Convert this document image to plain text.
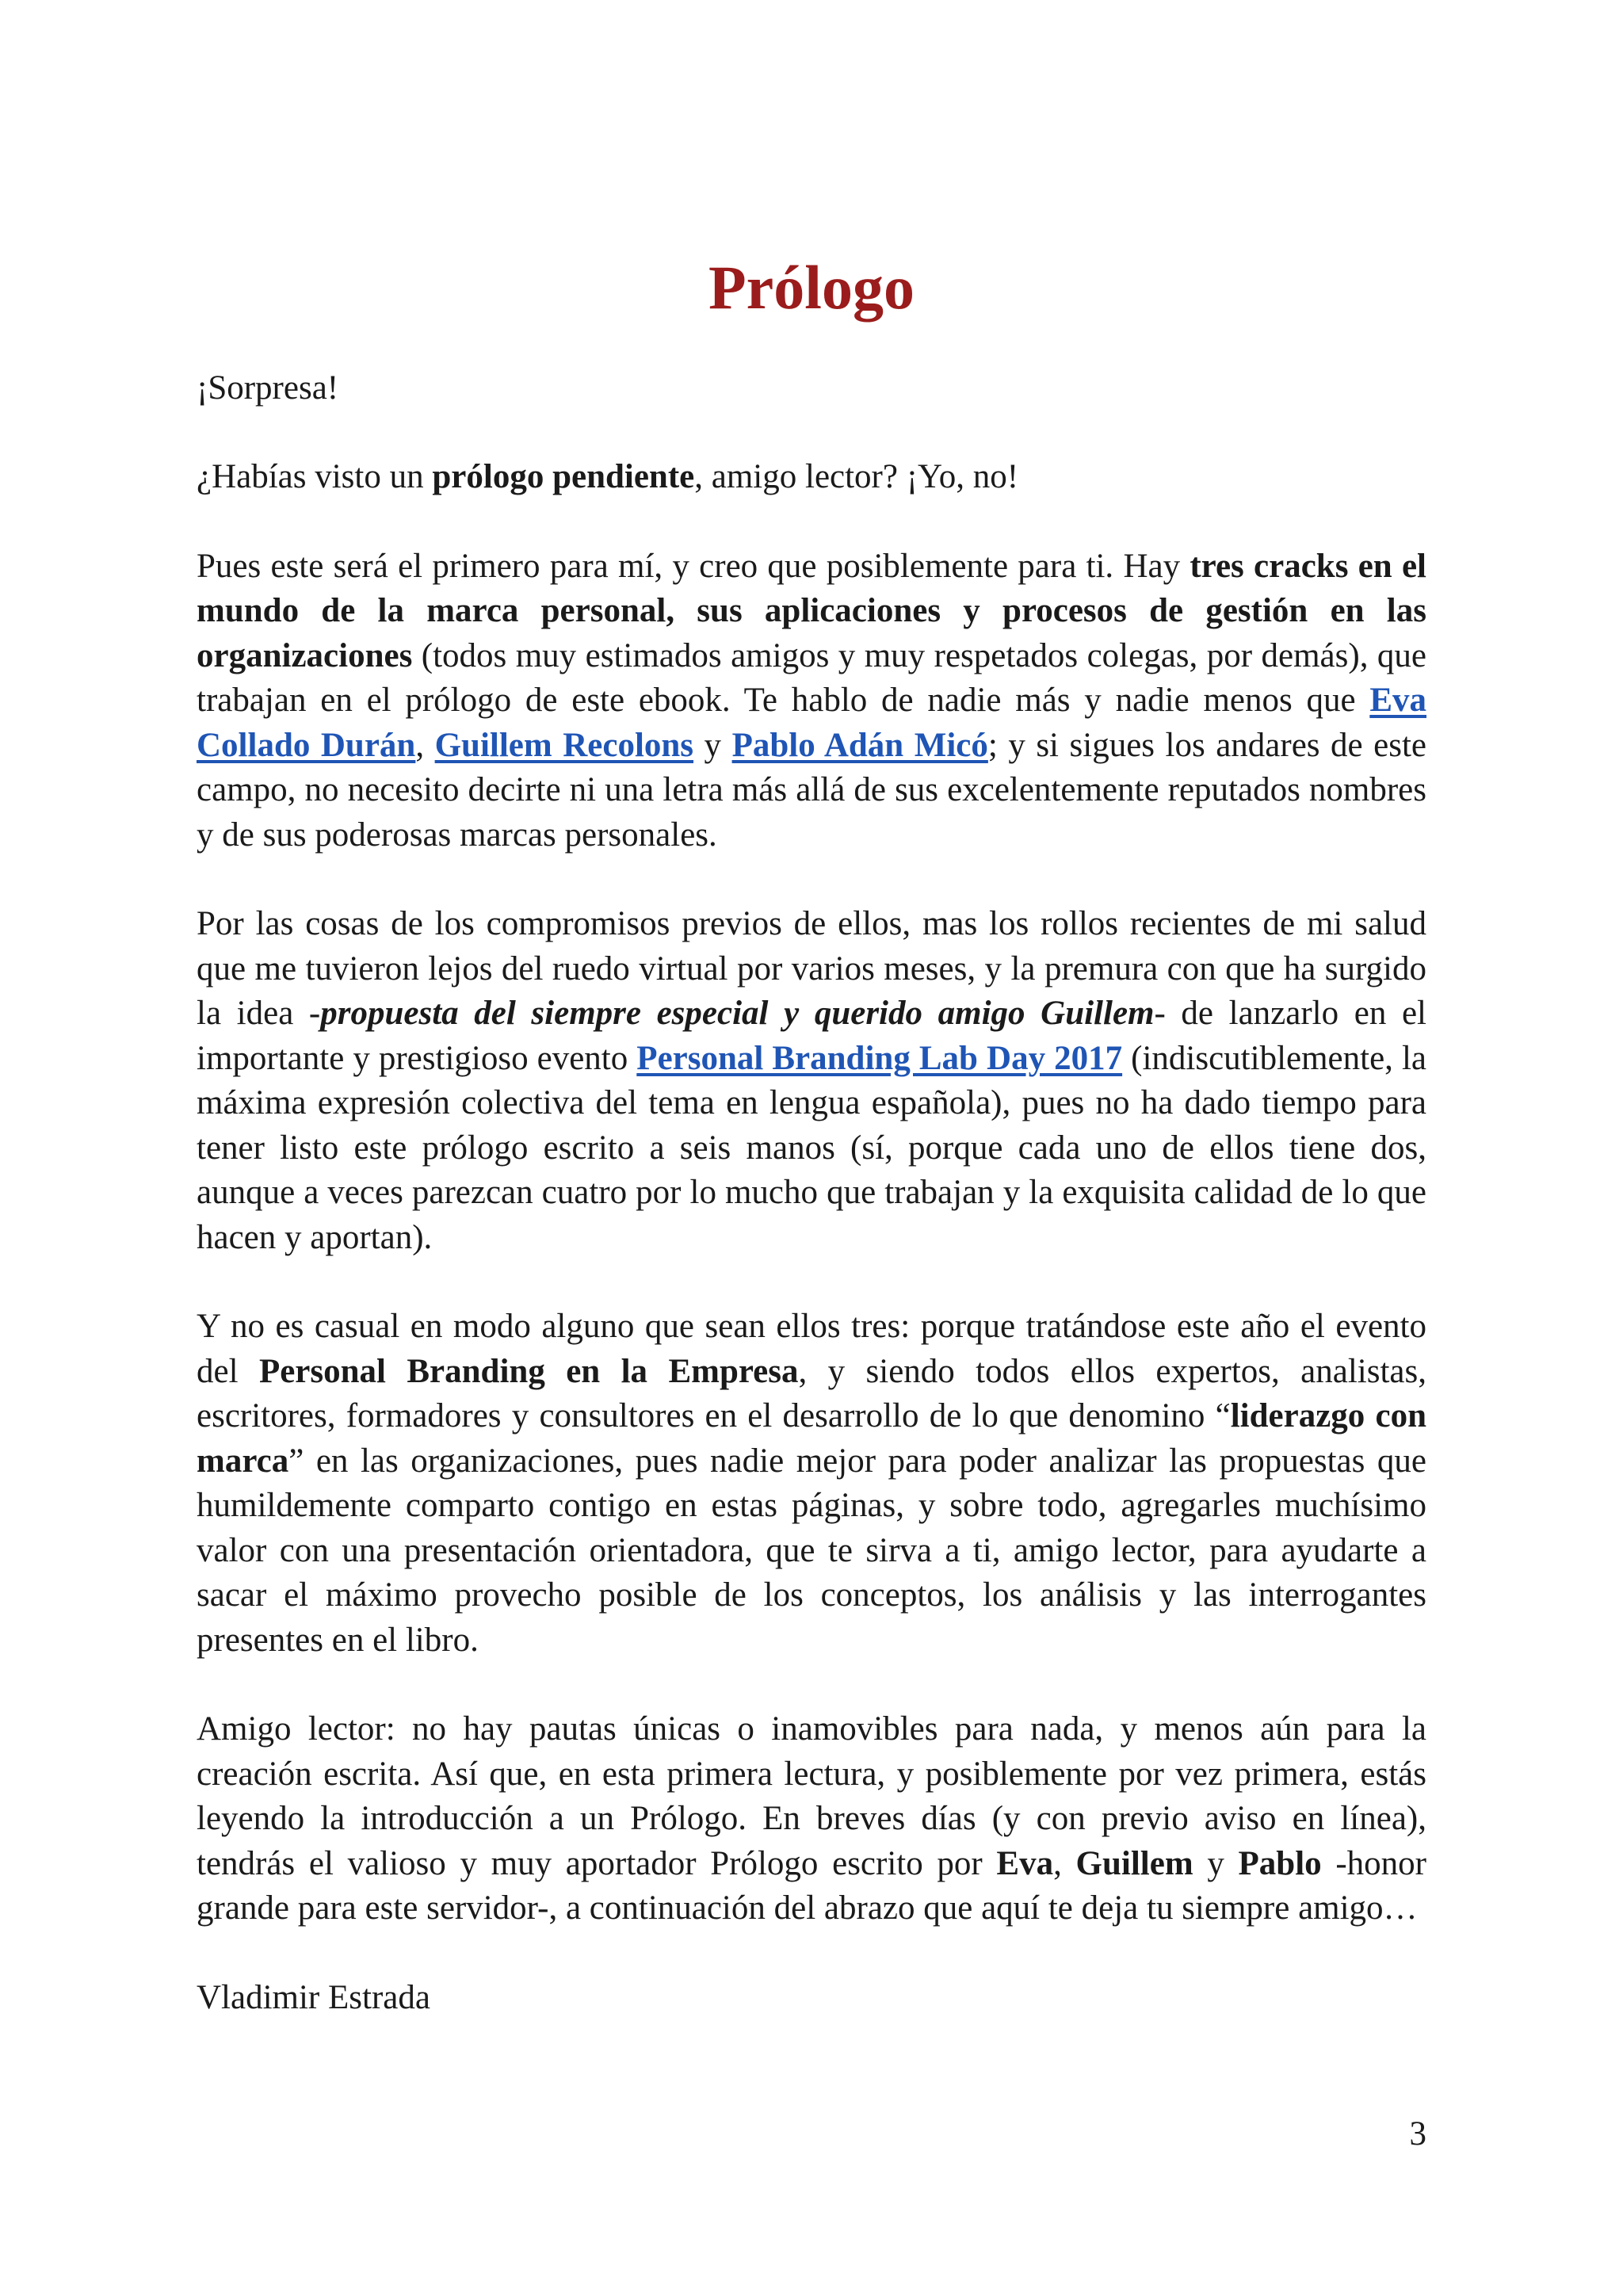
Prólogo

¡Sorpresa!

¿Habías visto un prólogo pendiente, amigo lector? ¡Yo, no!

Pues este será el primero para mí, y creo que posiblemente para ti. Hay tres cracks en el mundo de la marca personal, sus aplicaciones y procesos de gestión en las organizaciones (todos muy estimados amigos y muy respetados colegas, por demás), que trabajan en el prólogo de este ebook. Te hablo de nadie más y nadie menos que Eva Collado Durán, Guillem Recolons y Pablo Adán Micó; y si sigues los andares de este campo, no necesito decirte ni una letra más allá de sus excelentemente reputados nombres y de sus poderosas marcas personales.

Por las cosas de los compromisos previos de ellos, mas los rollos recientes de mi salud que me tuvieron lejos del ruedo virtual por varios meses, y la premura con que ha surgido la idea -propuesta del siempre especial y querido amigo Guillem- de lanzarlo en el importante y prestigioso evento Personal Branding Lab Day 2017 (indiscutiblemente, la máxima expresión colectiva del tema en lengua española), pues no ha dado tiempo para tener listo este prólogo escrito a seis manos (sí, porque cada uno de ellos tiene dos, aunque a veces parezcan cuatro por lo mucho que trabajan y la exquisita calidad de lo que hacen y aportan).

Y no es casual en modo alguno que sean ellos tres: porque tratándose este año el evento del Personal Branding en la Empresa, y siendo todos ellos expertos, analistas, escritores, formadores y consultores en el desarrollo de lo que denomino “liderazgo con marca” en las organizaciones, pues nadie mejor para poder analizar las propuestas que humildemente comparto contigo en estas páginas, y sobre todo, agregarles muchísimo valor con una presentación orientadora, que te sirva a ti, amigo lector, para ayudarte a sacar el máximo provecho posible de los conceptos, los análisis y las interrogantes presentes en el libro.

Amigo lector: no hay pautas únicas o inamovibles para nada, y menos aún para la creación escrita. Así que, en esta primera lectura, y posiblemente por vez primera, estás leyendo la introducción a un Prólogo. En breves días (y con previo aviso en línea), tendrás el valioso y muy aportador Prólogo escrito por Eva, Guillem y Pablo -honor grande para este servidor-, a continuación del abrazo que aquí te deja tu siempre amigo…

Vladimir Estrada

3
